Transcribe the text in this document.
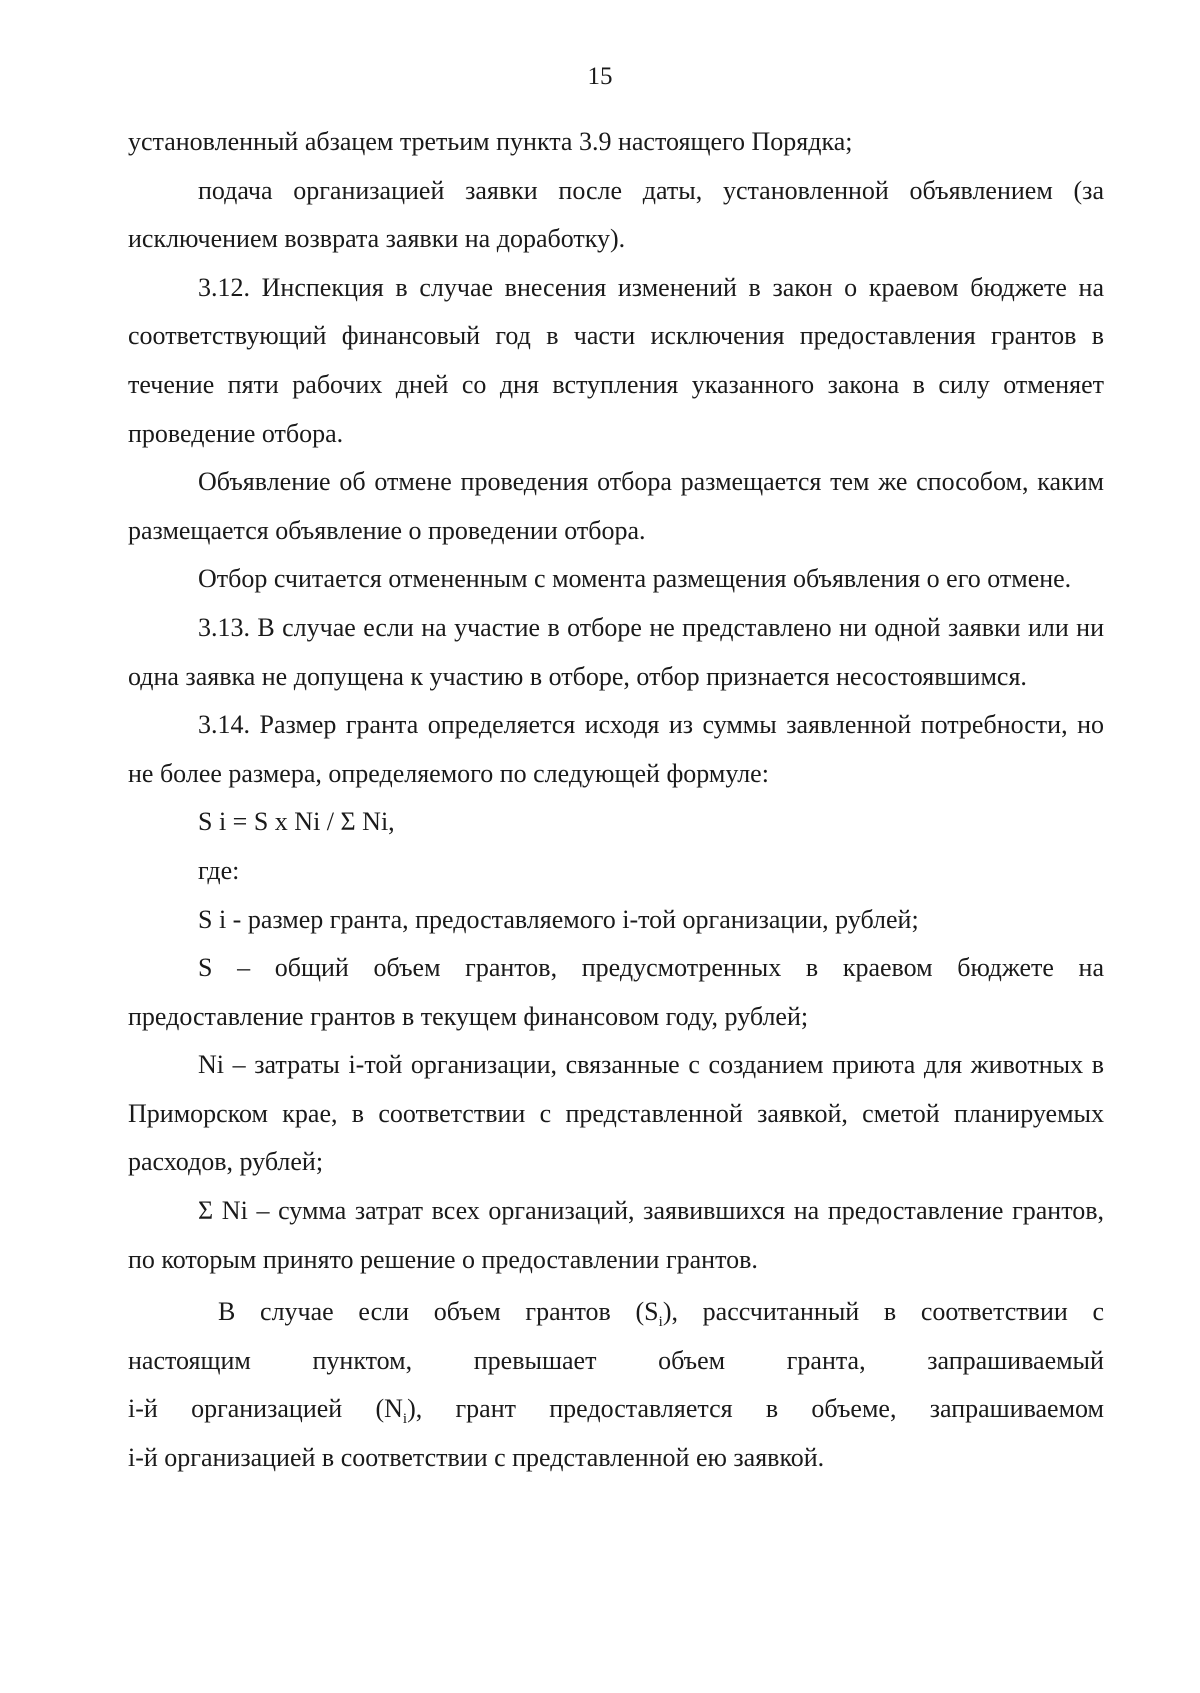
15

установленный абзацем третьим пункта 3.9 настоящего Порядка;

подача организацией заявки после даты, установленной объявлением (за исключением возврата заявки на доработку).

3.12. Инспекция в случае внесения изменений в закон о краевом бюджете на соответствующий финансовый год в части исключения предоставления грантов в течение пяти рабочих дней со дня вступления указанного закона в силу отменяет проведение отбора.

Объявление об отмене проведения отбора размещается тем же способом, каким размещается объявление о проведении отбора.

Отбор считается отмененным с момента размещения объявления о его отмене.

3.13. В случае если на участие в отборе не представлено ни одной заявки или ни одна заявка не допущена к участию в отборе, отбор признается несостоявшимся.

3.14. Размер гранта определяется исходя из суммы заявленной потребности, но не более размера, определяемого по следующей формуле:

S i = S x Ni / Σ Ni,

где:

S i - размер гранта, предоставляемого i-той организации, рублей;

S – общий объем грантов, предусмотренных в краевом бюджете на предоставление грантов в текущем финансовом году, рублей;

Ni – затраты i-той организации, связанные с созданием приюта для животных в Приморском крае, в соответствии с представленной заявкой, сметой планируемых расходов, рублей;

Σ Ni – сумма затрат всех организаций, заявившихся на предоставление грантов, по которым принято решение о предоставлении грантов.

В случае если объем грантов $(S_i)$, рассчитанный в соответствии с

настоящим пунктом, превышает объем гранта, запрашиваемый

i-й организацией $(N_i)$, грант предоставляется в объеме, запрашиваемом

i-й организацией в соответствии с представленной ею заявкой.
